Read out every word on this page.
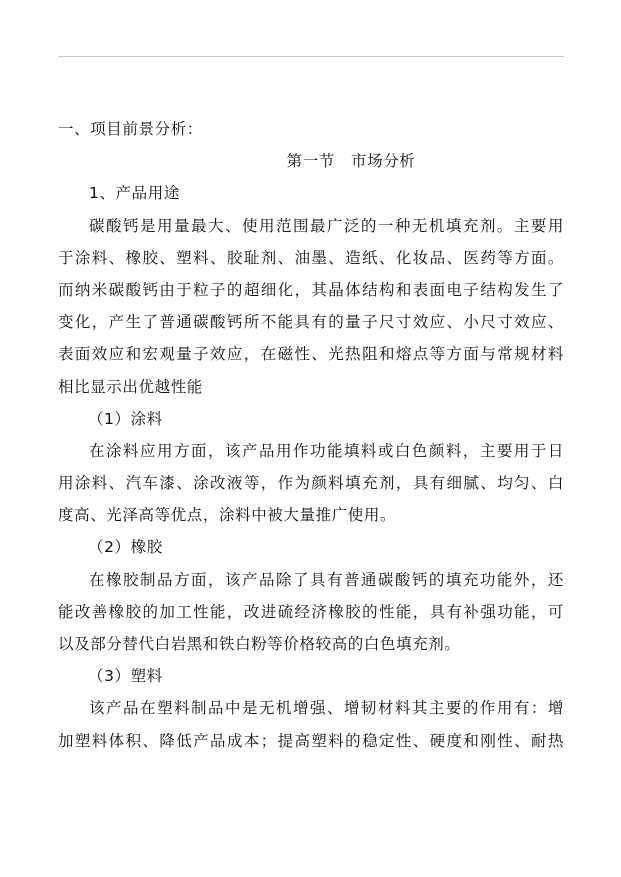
一、项目前景分析：
第一节　市场分析
1、产品用途
碳酸钙是用量最大、使用范围最广泛的一种无机填充剂。主要用
于涂料、橡胶、塑料、胶耻剂、油墨、造纸、化妆品、医药等方面。
而纳米碳酸钙由于粒子的超细化，其晶体结构和表面电子结构发生了
变化，产生了普通碳酸钙所不能具有的量子尺寸效应、小尺寸效应、
表面效应和宏观量子效应，在磁性、光热阻和熔点等方面与常规材料
相比显示出优越性能
（1）涂料
在涂料应用方面，该产品用作功能填料或白色颜料，主要用于日
用涂料、汽车漆、涂改液等，作为颜料填充剂，具有细腻、均匀、白
度高、光泽高等优点，涂料中被大量推广使用。
（2）橡胶
在橡胶制品方面，该产品除了具有普通碳酸钙的填充功能外，还
能改善橡胶的加工性能，改进硫经济橡胶的性能，具有补强功能，可
以及部分替代白岩黑和铁白粉等价格较高的白色填充剂。
（3）塑料
该产品在塑料制品中是无机增强、增韧材料其主要的作用有：增
加塑料体积、降低产品成本；提高塑料的稳定性、硬度和刚性、耐热
